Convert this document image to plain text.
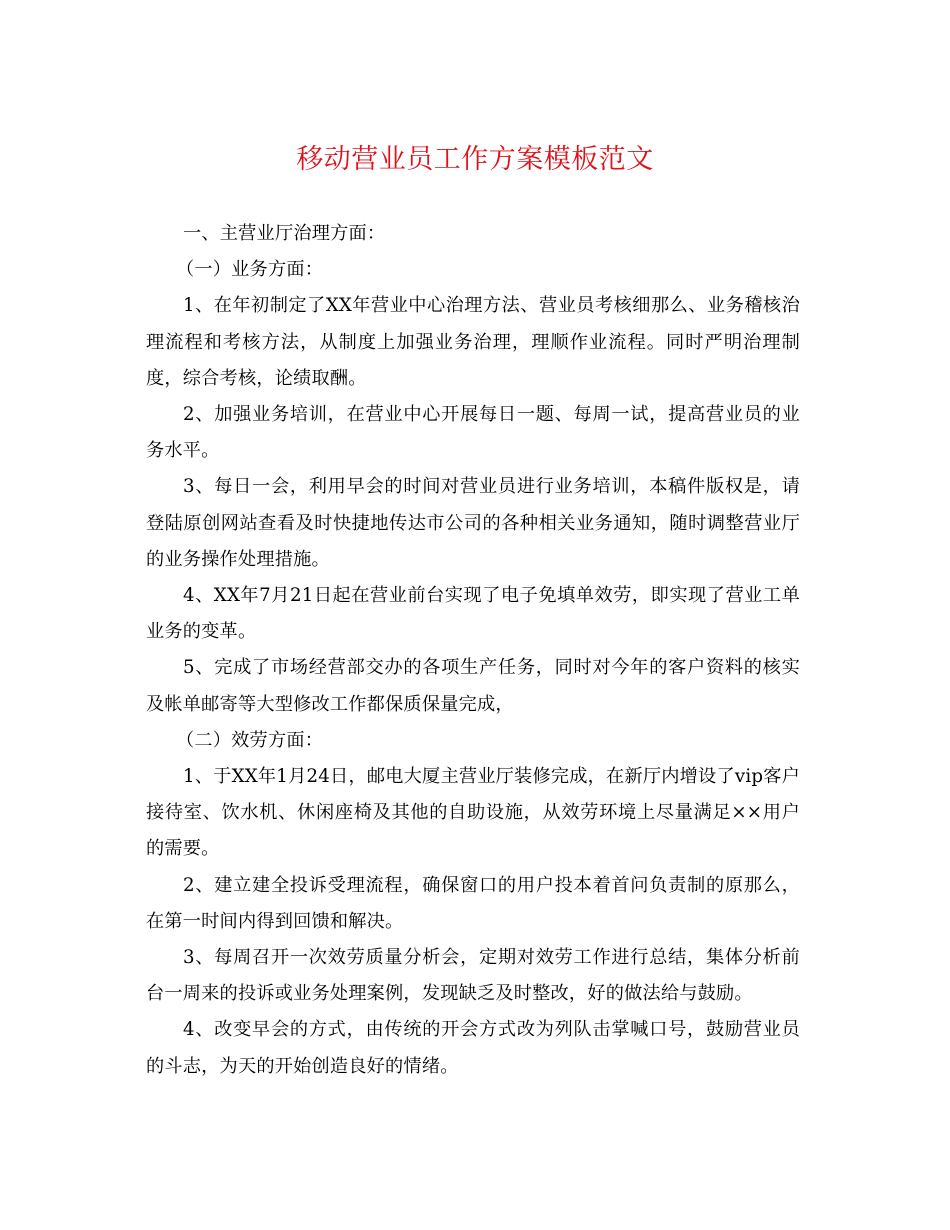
移动营业员工作方案模板范文

一、主营业厅治理方面：

（一）业务方面：

1、在年初制定了XX年营业中心治理方法、营业员考核细那么、业务稽核治理流程和考核方法，从制度上加强业务治理，理顺作业流程。同时严明治理制度，综合考核，论绩取酬。

2、加强业务培训，在营业中心开展每日一题、每周一试，提高营业员的业务水平。

3、每日一会，利用早会的时间对营业员进行业务培训，本稿件版权是，请登陆原创网站查看及时快捷地传达市公司的各种相关业务通知，随时调整营业厅的业务操作处理措施。

4、XX年7月21日起在营业前台实现了电子免填单效劳，即实现了营业工单业务的变革。

5、完成了市场经营部交办的各项生产任务，同时对今年的客户资料的核实及帐单邮寄等大型修改工作都保质保量完成，

（二）效劳方面：

1、于XX年1月24日，邮电大厦主营业厅装修完成，在新厅内增设了vip客户接待室、饮水机、休闲座椅及其他的自助设施，从效劳环境上尽量满足××用户的需要。

2、建立建全投诉受理流程，确保窗口的用户投本着首问负责制的原那么，在第一时间内得到回馈和解决。

3、每周召开一次效劳质量分析会，定期对效劳工作进行总结，集体分析前台一周来的投诉或业务处理案例，发现缺乏及时整改，好的做法给与鼓励。

4、改变早会的方式，由传统的开会方式改为列队击掌喊口号，鼓励营业员的斗志，为天的开始创造良好的情绪。
